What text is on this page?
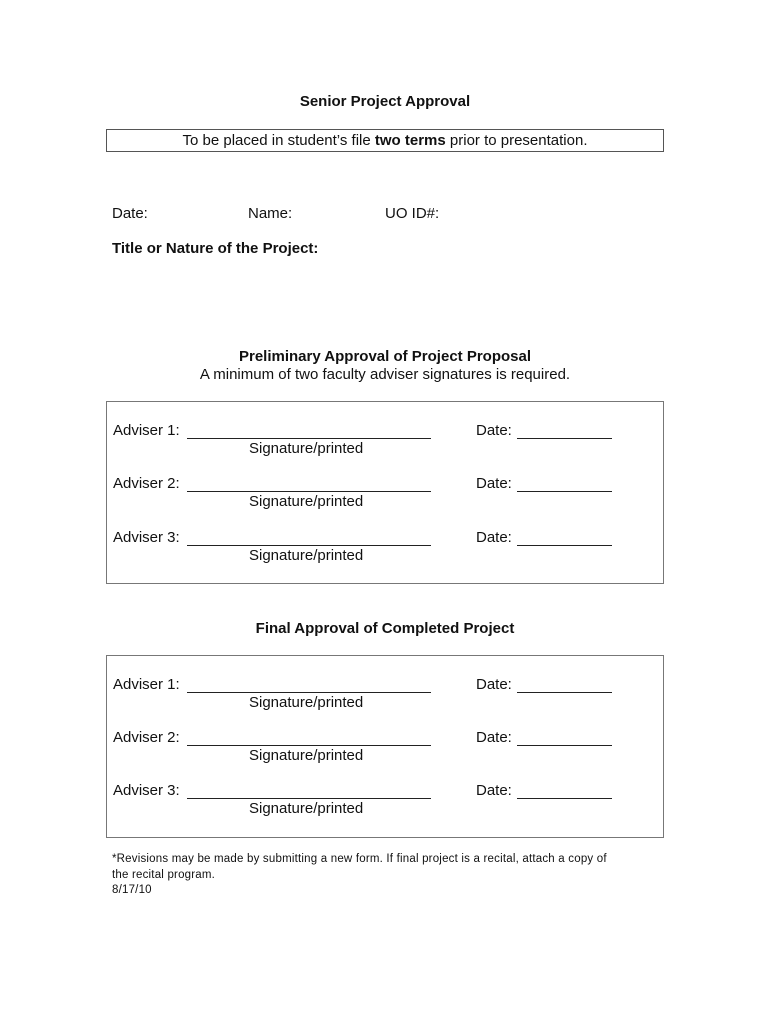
Senior Project Approval
To be placed in student’s file two terms prior to presentation.
Date:	Name:	UO ID#:
Title or Nature of the Project:
Preliminary Approval of Project Proposal
A minimum of two faculty adviser signatures is required.
Adviser 1:
Signature/printed
Date:
Adviser 2:
Signature/printed
Date:
Adviser 3:
Signature/printed
Date:
Final Approval of Completed Project
Adviser 1:
Signature/printed
Date:
Adviser 2:
Signature/printed
Date:
Adviser 3:
Signature/printed
Date:
*Revisions may be made by submitting a new form. If final project is a recital, attach a copy of
the recital program.
8/17/10
